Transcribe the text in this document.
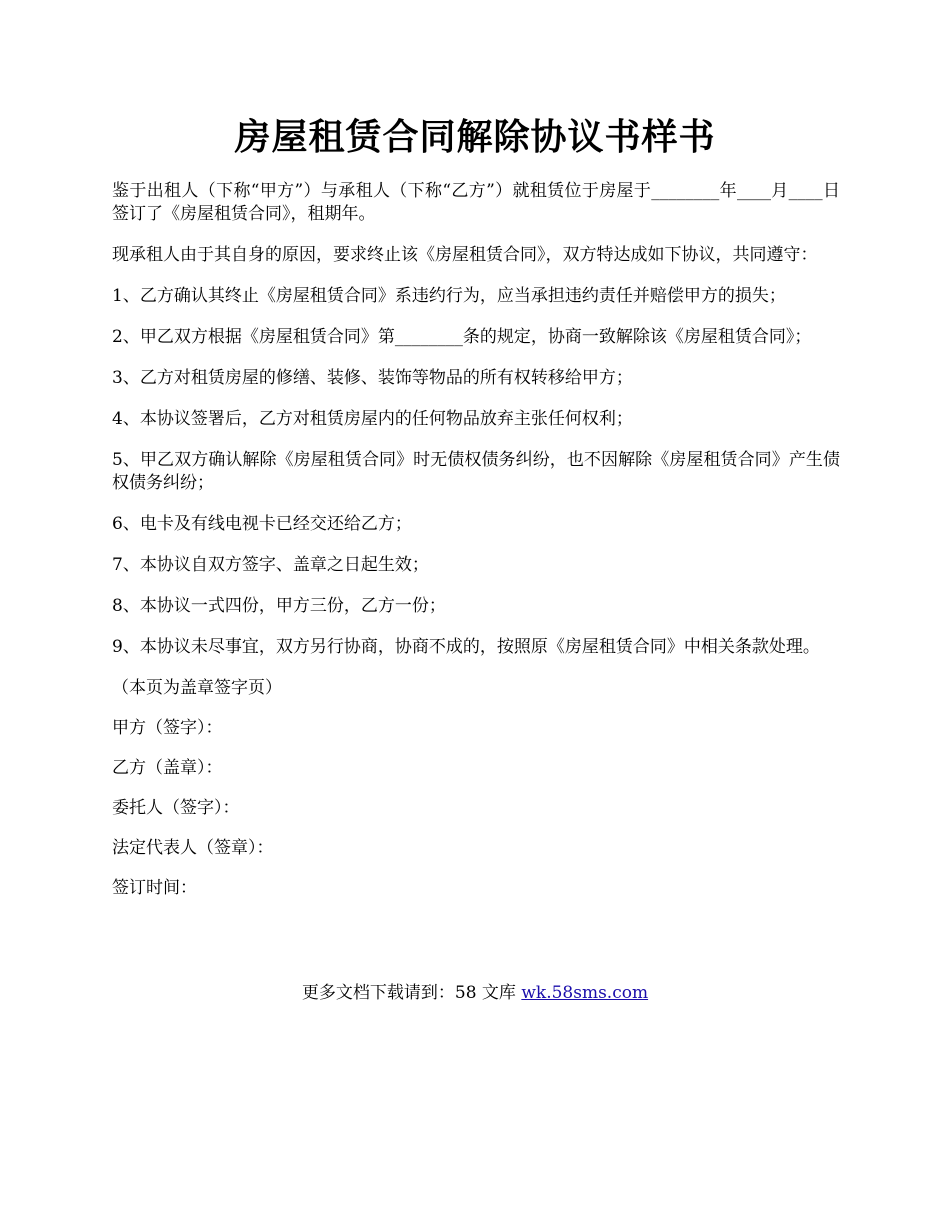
房屋租赁合同解除协议书样书

鉴于出租人（下称“甲方”）与承租人（下称“乙方”）就租赁位于房屋于________年____月____日签订了《房屋租赁合同》，租期年。

现承租人由于其自身的原因，要求终止该《房屋租赁合同》，双方特达成如下协议，共同遵守：

1、乙方确认其终止《房屋租赁合同》系违约行为，应当承担违约责任并赔偿甲方的损失；

2、甲乙双方根据《房屋租赁合同》第________条的规定，协商一致解除该《房屋租赁合同》；

3、乙方对租赁房屋的修缮、装修、装饰等物品的所有权转移给甲方；

4、本协议签署后，乙方对租赁房屋内的任何物品放弃主张任何权利；

5、甲乙双方确认解除《房屋租赁合同》时无债权债务纠纷，也不因解除《房屋租赁合同》产生债权债务纠纷；

6、电卡及有线电视卡已经交还给乙方；

7、本协议自双方签字、盖章之日起生效；

8、本协议一式四份，甲方三份，乙方一份；

9、本协议未尽事宜，双方另行协商，协商不成的，按照原《房屋租赁合同》中相关条款处理。

（本页为盖章签字页）

甲方（签字）：

乙方（盖章）：

委托人（签字）：

法定代表人（签章）：

签订时间：

更多文档下载请到：58 文库 wk.58sms.com
